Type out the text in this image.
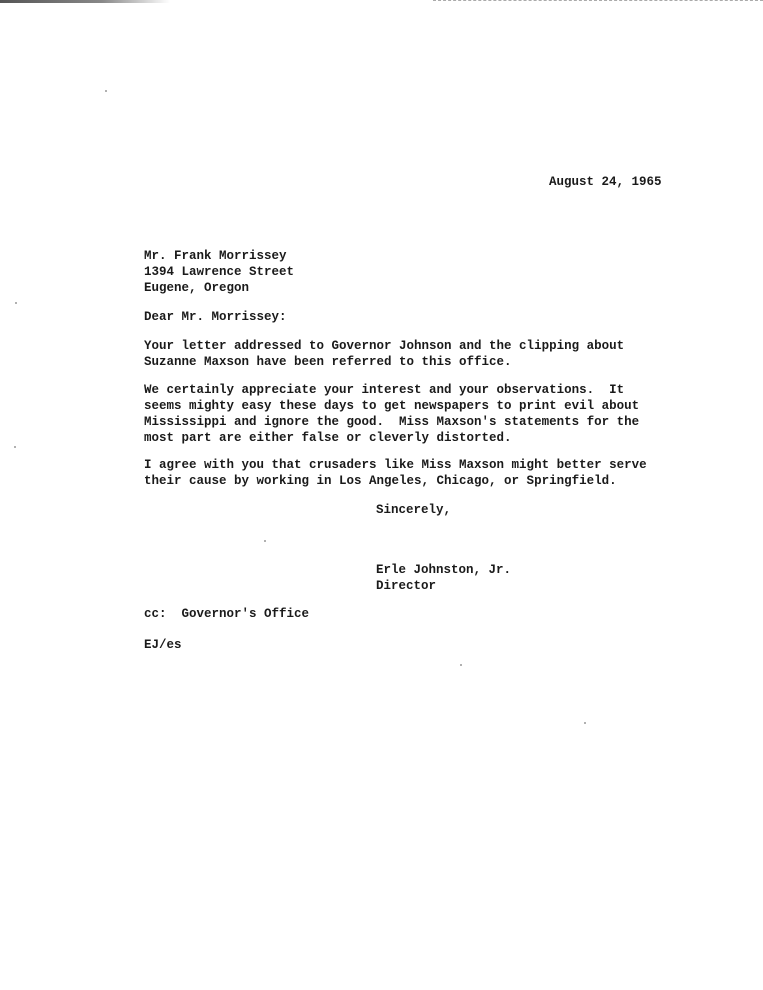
August 24, 1965
Mr. Frank Morrissey
1394 Lawrence Street
Eugene, Oregon
Dear Mr. Morrissey:
Your letter addressed to Governor Johnson and the clipping about
Suzanne Maxson have been referred to this office.
We certainly appreciate your interest and your observations.  It
seems mighty easy these days to get newspapers to print evil about
Mississippi and ignore the good.  Miss Maxson's statements for the
most part are either false or cleverly distorted.
I agree with you that crusaders like Miss Maxson might better serve
their cause by working in Los Angeles, Chicago, or Springfield.
Sincerely,
Erle Johnston, Jr.
Director
cc:  Governor's Office
EJ/es
